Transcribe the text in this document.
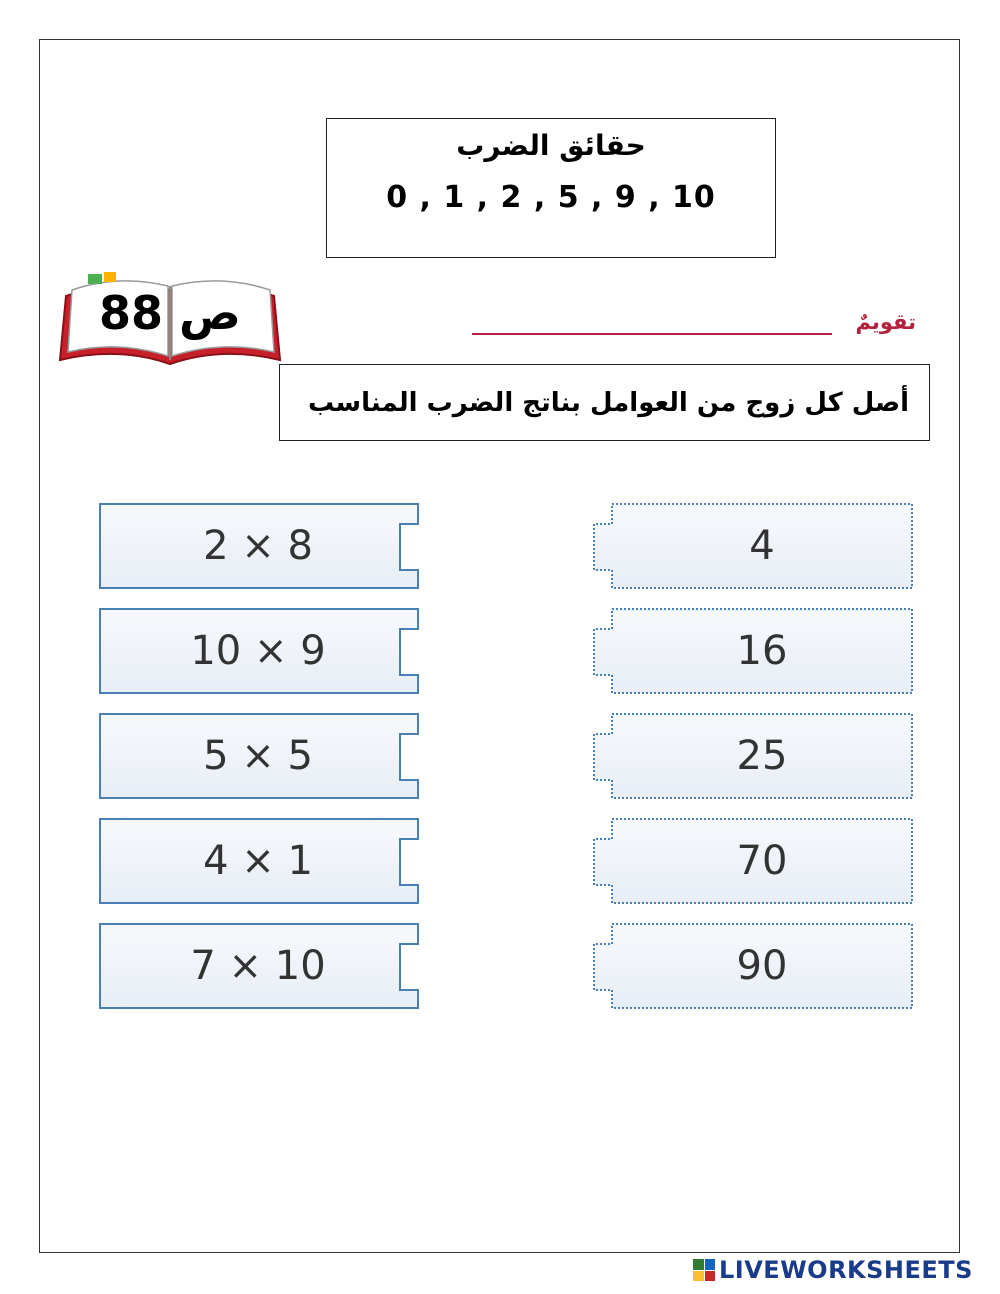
حقائق الضرب
10 , 9 , 5 , 2 , 1 , 0
ص 88	تقويمٌ
أصل كل زوج من العوامل بناتج الضرب المناسب
2 × 8
10 × 9
5 × 5
4 × 1
7 × 10
4
16
25
70
90
LIVEWORKSHEETS
